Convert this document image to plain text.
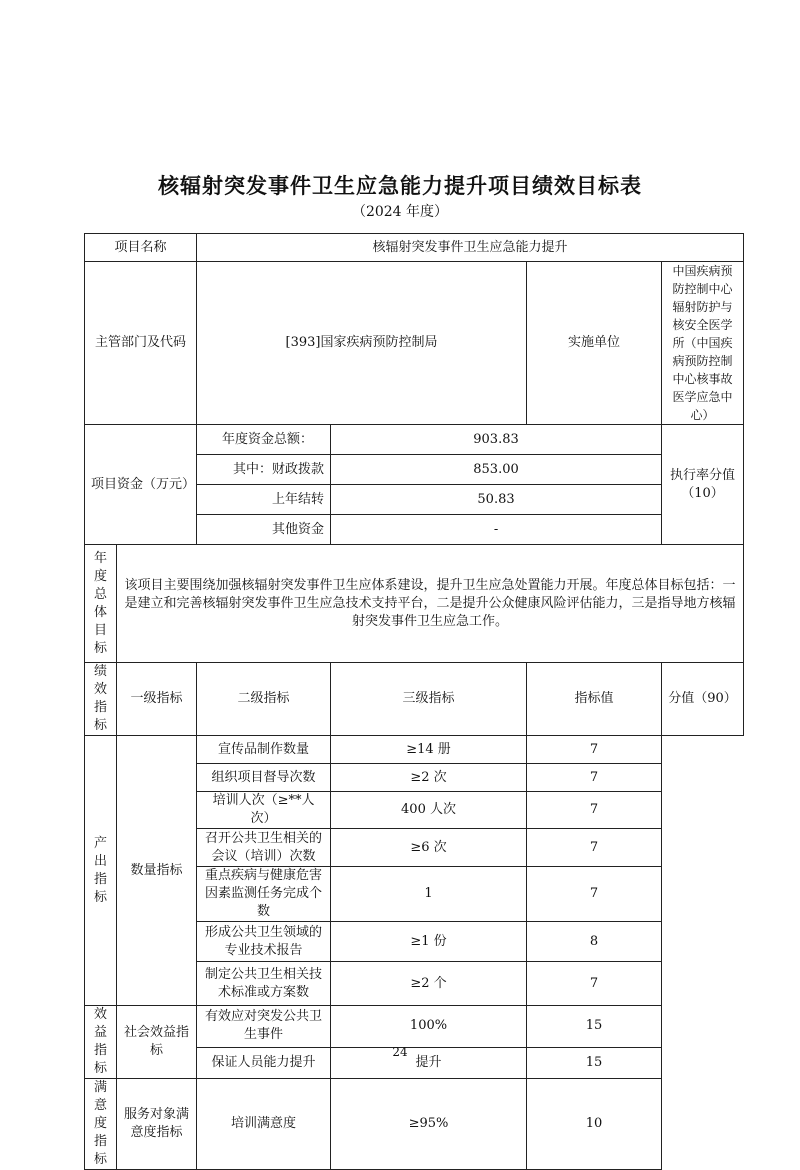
核辐射突发事件卫生应急能力提升项目绩效目标表
（2024 年度）
项目名称		核辐射突发事件卫生应急能力提升			
主管部门及代码		[393]国家疾病预防控制局		实施单位	中国疾病预防控制中心辐射防护与核安全医学所（中国疾病预防控制中心核事故医学应急中心）
项目资金（万元）		年度资金总额：	903.83		执行率分值（10）
		其中：财政拨款	853.00		
		上年结转	50.83		
		其他资金	-		
年度总体目标	该项目主要围绕加强核辐射突发事件卫生应体系建设，提升卫生应急处置能力开展。年度总体目标包括：一是建立和完善核辐射突发事件卫生应急技术支持平台，二是提升公众健康风险评估能力，三是指导地方核辐射突发事件卫生应急工作。				
绩效指标	一级指标	二级指标	三级指标	指标值	分值（90）
产出指标	数量指标	宣传品制作数量	≥14 册	7	
		组织项目督导次数	≥2 次	7	
		培训人次（≥**人次）	400 人次	7	
		召开公共卫生相关的会议（培训）次数	≥6 次	7	
		重点疾病与健康危害因素监测任务完成个数	1	7	
		形成公共卫生领域的专业技术报告	≥1 份	8	
		制定公共卫生相关技术标准或方案数	≥2 个	7	
效益指标	社会效益指标	有效应对突发公共卫生事件	100%	15	
		保证人员能力提升	提升	15	
满意度指标	服务对象满意度指标	培训满意度	≥95%	10	
24
